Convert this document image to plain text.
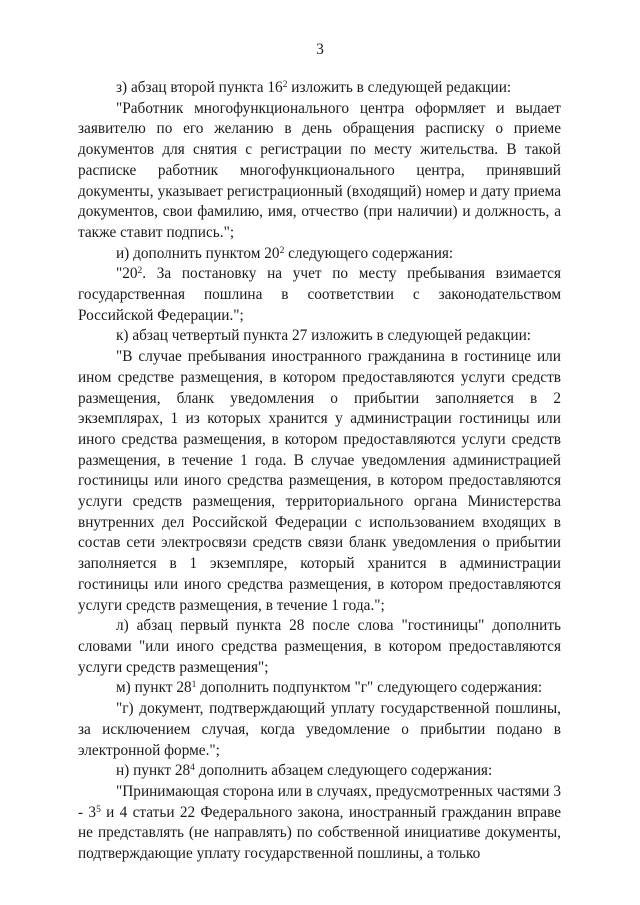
3

з) абзац второй пункта $16^2$ изложить в следующей редакции:

"Работник многофункционального центра оформляет и выдает заявителю по его желанию в день обращения расписку о приеме документов для снятия с регистрации по месту жительства. В такой расписке работник многофункционального центра, принявший документы, указывает регистрационный (входящий) номер и дату приема документов, свои фамилию, имя, отчество (при наличии) и должность, а также ставит подпись.";

и) дополнить пунктом $20^2$ следующего содержания:

"$20^2$. За постановку на учет по месту пребывания взимается государственная пошлина в соответствии с законодательством Российской Федерации.";

к) абзац четвертый пункта 27 изложить в следующей редакции:

"В случае пребывания иностранного гражданина в гостинице или ином средстве размещения, в котором предоставляются услуги средств размещения, бланк уведомления о прибытии заполняется в 2 экземплярах, 1 из которых хранится у администрации гостиницы или иного средства размещения, в котором предоставляются услуги средств размещения, в течение 1 года. В случае уведомления администрацией гостиницы или иного средства размещения, в котором предоставляются услуги средств размещения, территориального органа Министерства внутренних дел Российской Федерации с использованием входящих в состав сети электросвязи средств связи бланк уведомления о прибытии заполняется в 1 экземпляре, который хранится в администрации гостиницы или иного средства размещения, в котором предоставляются услуги средств размещения, в течение 1 года.";

л) абзац первый пункта 28 после слова "гостиницы" дополнить словами "или иного средства размещения, в котором предоставляются услуги средств размещения";

м) пункт $28^1$ дополнить подпунктом "г" следующего содержания:

"г) документ, подтверждающий уплату государственной пошлины, за исключением случая, когда уведомление о прибытии подано в электронной форме.";

н) пункт $28^4$ дополнить абзацем следующего содержания:

"Принимающая сторона или в случаях, предусмотренных частями $3 - 3^5$ и 4 статьи 22 Федерального закона, иностранный гражданин вправе не представлять (не направлять) по собственной инициативе документы, подтверждающие уплату государственной пошлины, а только
